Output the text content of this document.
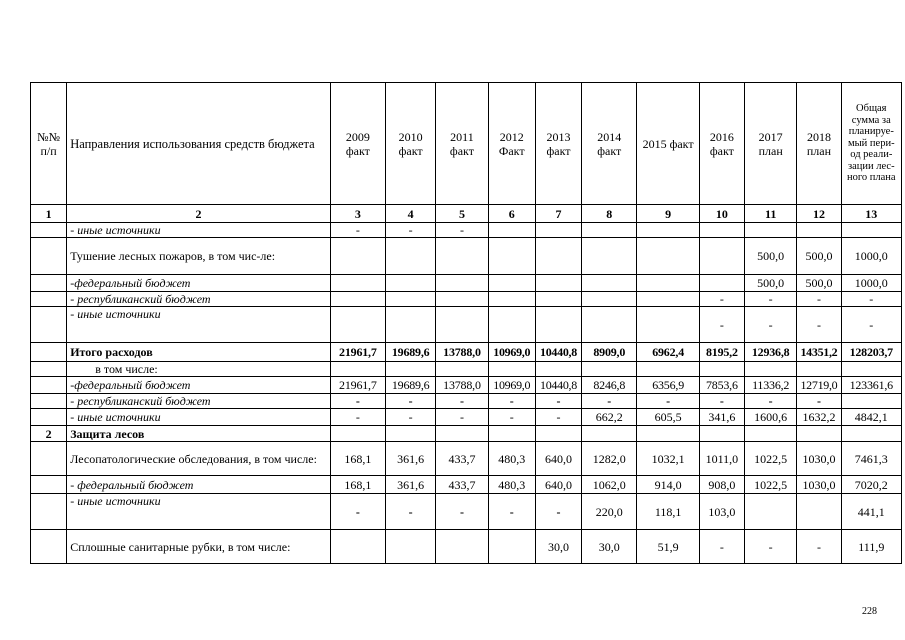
№№ п/п	Направления использования средств бюджета	2009 факт	2010 факт	2011 факт	2012 Факт	2013 факт	2014 факт	2015 факт	2016 факт	2017 план	2018 план	Общая сумма за планируе-мый пери-од реали-зации лес-ного плана
1	2	3	4	5	6	7	8	9	10	11	12	13
	- иные источники	-	-	-								
	Тушение лесных пожаров, в том чис-ле:									500,0	500,0	1000,0
	-федеральный бюджет									500,0	500,0	1000,0
	- республиканский бюджет								-	-	-	-
	- иные источники								-	-	-	-
	Итого расходов	21961,7	19689,6	13788,0	10969,0	10440,8	8909,0	6962,4	8195,2	12936,8	14351,2	128203,7
	в том числе:											
	-федеральный бюджет	21961,7	19689,6	13788,0	10969,0	10440,8	8246,8	6356,9	7853,6	11336,2	12719,0	123361,6
	- республиканский бюджет	-	-	-	-	-	-	-	-	-	-	
	- иные источники	-	-	-	-	-	662,2	605,5	341,6	1600,6	1632,2	4842,1
2	Защита лесов											
	Лесопатологические обследования, в том числе:	168,1	361,6	433,7	480,3	640,0	1282,0	1032,1	1011,0	1022,5	1030,0	7461,3
	- федеральный бюджет	168,1	361,6	433,7	480,3	640,0	1062,0	914,0	908,0	1022,5	1030,0	7020,2
	- иные источники	-	-	-	-	-	220,0	118,1	103,0			441,1
	Сплошные санитарные рубки, в том числе:					30,0	30,0	51,9	-	-	-	111,9
228
